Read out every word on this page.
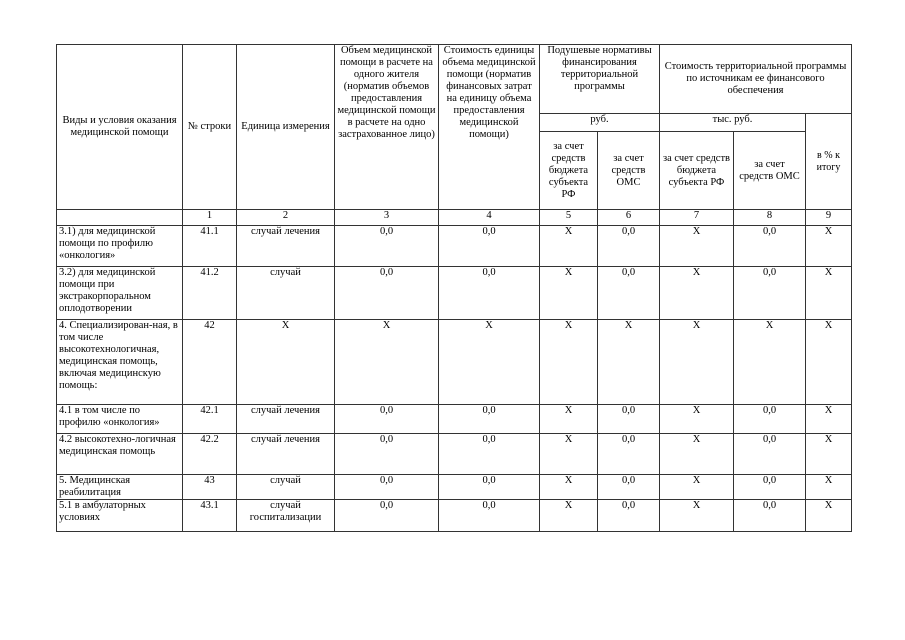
Виды и условия оказания медицинской помощи	№ строки	Единица измерения	Объем медицинской помощи в расчете на одного жителя (норматив объемов предоставления медицинской помощи в расчете на одно застрахованное лицо)	Стоимость единицы объема медицинской помощи (норматив финансовых затрат на единицу объема предоставления медицинской помощи)	Подушевые нормативы финансирования территориальной программы		Стоимость территориальной программы по источникам ее финансового обеспечения		
					руб.		тыс. руб.		в % к итогу
					за счет средств бюджета субъекта РФ	за счет средств ОМС	за счет средств бюджета субъекта РФ	за счет средств ОМС	
	1	2	3	4	5	6	7	8	9
3.1) для медицинской помощи по профилю «онкология»	41.1	случай лечения	0,0	0,0	Х	0,0	Х	0,0	Х
3.2) для медицинской помощи при экстракорпоральном оплодотворении	41.2	случай	0,0	0,0	Х	0,0	Х	0,0	Х
4. Специализирован-ная, в том числе высокотехнологичная, медицинская помощь, включая медицинскую помощь:	42	Х	Х	Х	Х	Х	Х	Х	Х
4.1 в том числе по профилю «онкология»	42.1	случай лечения	0,0	0,0	Х	0,0	Х	0,0	Х
4.2 высокотехно-логичная медицинская помощь	42.2	случай лечения	0,0	0,0	Х	0,0	Х	0,0	Х
5. Медицинская реабилитация	43	случай	0,0	0,0	Х	0,0	Х	0,0	Х
5.1 в амбулаторных условиях	43.1	случай госпитализации	0,0	0,0	Х	0,0	Х	0,0	Х
